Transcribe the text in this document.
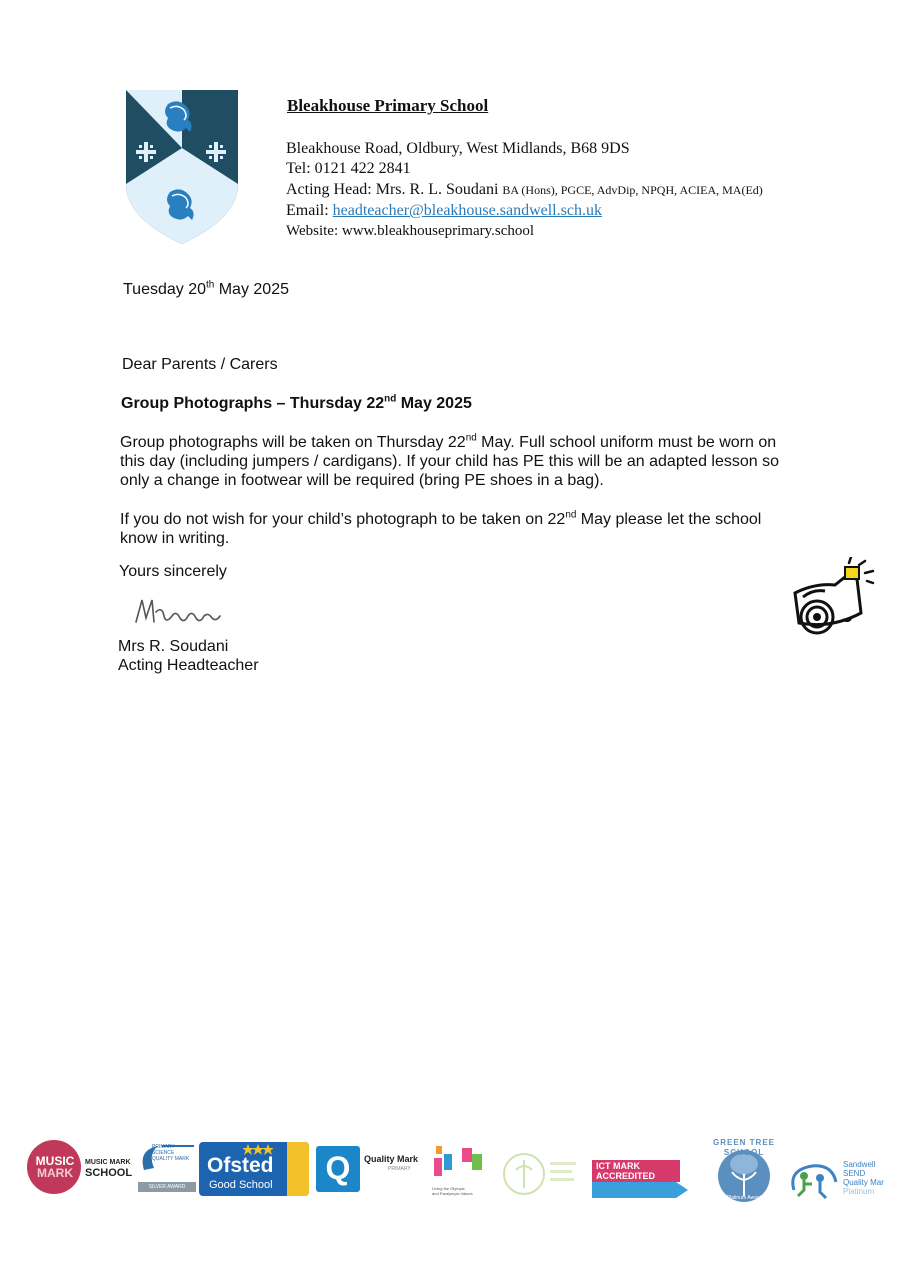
Bleakhouse Primary School
Bleakhouse Road, Oldbury, West Midlands, B68 9DS
Tel: 0121 422 2841
Acting Head: Mrs. R. L. Soudani BA (Hons), PGCE, AdvDip, NPQH, ACIEA, MA(Ed)
Email: headteacher@bleakhouse.sandwell.sch.uk
Website: www.bleakhouseprimary.school
Tuesday 20th May 2025
Dear Parents / Carers
Group Photographs – Thursday 22nd May 2025
Group photographs will be taken on Thursday 22nd May. Full school uniform must be worn on
this day (including jumpers / cardigans). If your child has PE this will be an adapted lesson so
only a change in footwear will be required (bring PE shoes in a bag).
If you do not wish for your child’s photograph to be taken on 22nd May please let the school
know in writing.
Yours sincerely
Mrs R. Soudani
Acting Headteacher
MUSIC
MARK
MUSIC MARK
SCHOOL
PRIMARY SCIENCE
QUALITY MARK
SILVER AWARD
Ofsted
Good School Q	Quality Mark
PRIMARY
Living the Olympic
and Paralympic Values
ICT MARK
ACCREDITED
GREEN TREE SCHOOL
Platinum Award
Sandwell
SEND
Quality Mar
Platinum
